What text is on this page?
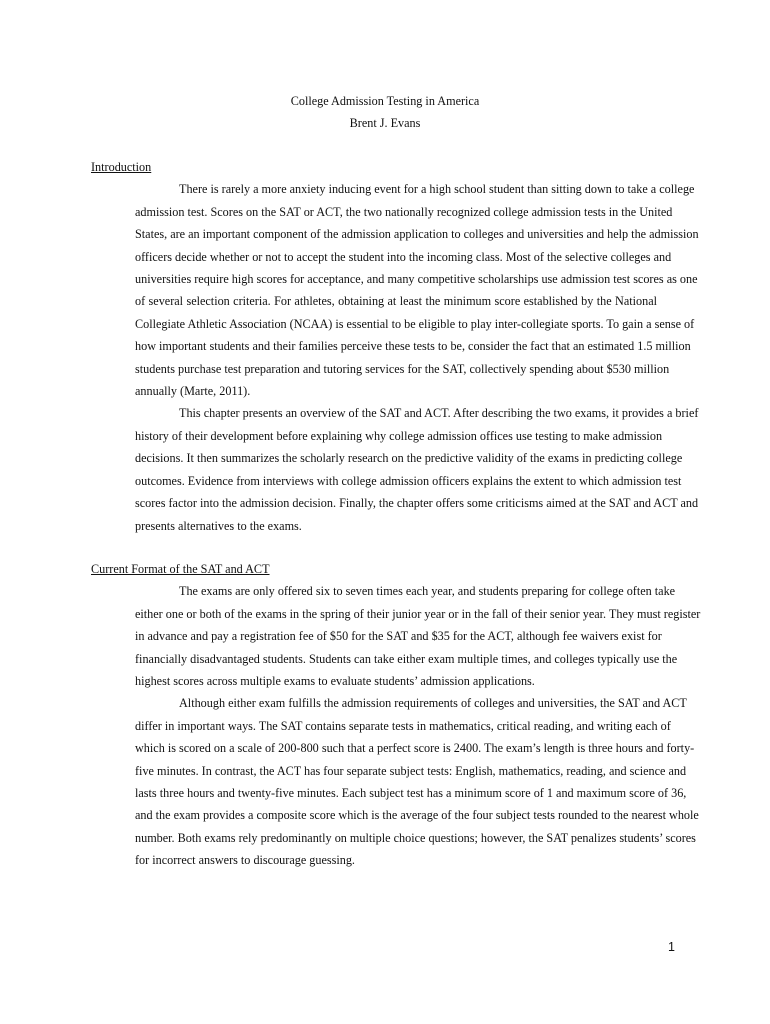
College Admission Testing in America
Brent J. Evans
Introduction
There is rarely a more anxiety inducing event for a high school student than sitting down to take a college
admission test. Scores on the SAT or ACT, the two nationally recognized college admission tests in the United
States, are an important component of the admission application to colleges and universities and help the admission
officers decide whether or not to accept the student into the incoming class. Most of the selective colleges and
universities require high scores for acceptance, and many competitive scholarships use admission test scores as one
of several selection criteria. For athletes, obtaining at least the minimum score established by the National
Collegiate Athletic Association (NCAA) is essential to be eligible to play inter-collegiate sports. To gain a sense of
how important students and their families perceive these tests to be, consider the fact that an estimated 1.5 million
students purchase test preparation and tutoring services for the SAT, collectively spending about $530 million
annually (Marte, 2011).
This chapter presents an overview of the SAT and ACT. After describing the two exams, it provides a brief
history of their development before explaining why college admission offices use testing to make admission
decisions. It then summarizes the scholarly research on the predictive validity of the exams in predicting college
outcomes. Evidence from interviews with college admission officers explains the extent to which admission test
scores factor into the admission decision. Finally, the chapter offers some criticisms aimed at the SAT and ACT and
presents alternatives to the exams.
Current Format of the SAT and ACT
The exams are only offered six to seven times each year, and students preparing for college often take
either one or both of the exams in the spring of their junior year or in the fall of their senior year. They must register
in advance and pay a registration fee of $50 for the SAT and $35 for the ACT, although fee waivers exist for
financially disadvantaged students. Students can take either exam multiple times, and colleges typically use the
highest scores across multiple exams to evaluate students’ admission applications.
Although either exam fulfills the admission requirements of colleges and universities, the SAT and ACT
differ in important ways. The SAT contains separate tests in mathematics, critical reading, and writing each of
which is scored on a scale of 200-800 such that a perfect score is 2400. The exam’s length is three hours and forty-
five minutes. In contrast, the ACT has four separate subject tests: English, mathematics, reading, and science and
lasts three hours and twenty-five minutes. Each subject test has a minimum score of 1 and maximum score of 36,
and the exam provides a composite score which is the average of the four subject tests rounded to the nearest whole
number. Both exams rely predominantly on multiple choice questions; however, the SAT penalizes students’ scores
for incorrect answers to discourage guessing.
1
